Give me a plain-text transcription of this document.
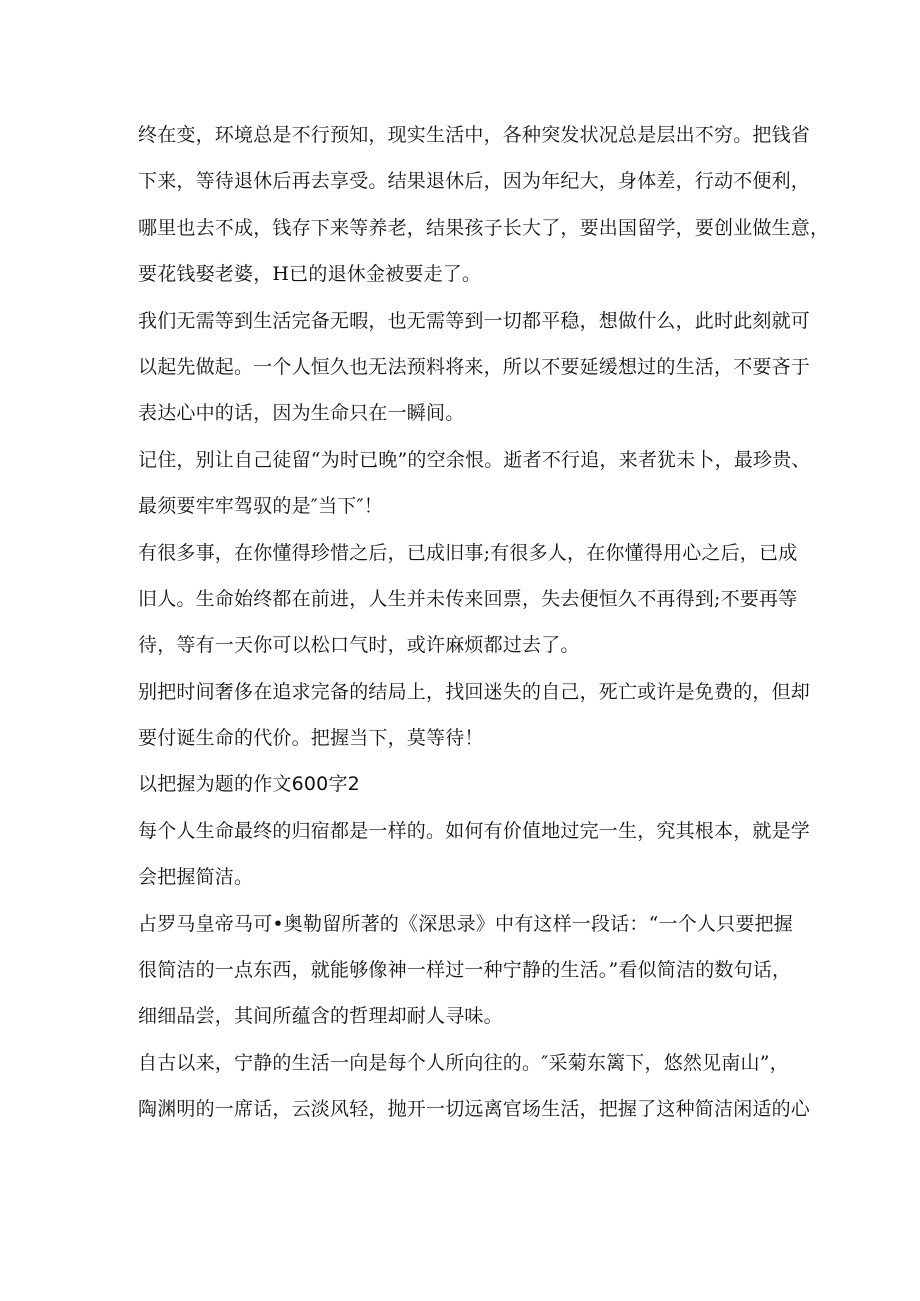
终在变，环境总是不行预知，现实生活中，各种突发状况总是层出不穷。把钱省
下来，等待退休后再去享受。结果退休后，因为年纪大，身体差，行动不便利，
哪里也去不成，钱存下来等养老，结果孩子长大了，要出国留学，要创业做生意，
要花钱娶老婆，H已的退休金被要走了。
我们无需等到生活完备无暇，也无需等到一切都平稳，想做什么，此时此刻就可
以起先做起。一个人恒久也无法预料将来，所以不要延缓想过的生活，不要吝于
表达心中的话，因为生命只在一瞬间。
记住，别让自己徒留“为时已晚”的空余恨。逝者不行追，来者犹未卜，最珍贵、
最须要牢牢驾驭的是″当下″！
有很多事，在你懂得珍惜之后，已成旧事;有很多人，在你懂得用心之后，已成
旧人。生命始终都在前进，人生并未传来回票，失去便恒久不再得到;不要再等
待，等有一天你可以松口气时，或许麻烦都过去了。
别把时间奢侈在追求完备的结局上，找回迷失的自己，死亡或许是免费的，但却
要付诞生命的代价。把握当下，莫等待！
以把握为题的作文600字2
每个人生命最终的归宿都是一样的。如何有价值地过完一生，究其根本，就是学
会把握简洁。
占罗马皇帝马可•奥勒留所著的《深思录》中有这样一段话：“一个人只要把握
很简洁的一点东西，就能够像神一样过一种宁静的生活。”看似简洁的数句话，
细细品尝，其间所蕴含的哲理却耐人寻味。
自古以来，宁静的生活一向是每个人所向往的。″采菊东篱下，悠然见南山”，
陶渊明的一席话，云淡风轻，抛开一切远离官场生活，把握了这种简洁闲适的心
